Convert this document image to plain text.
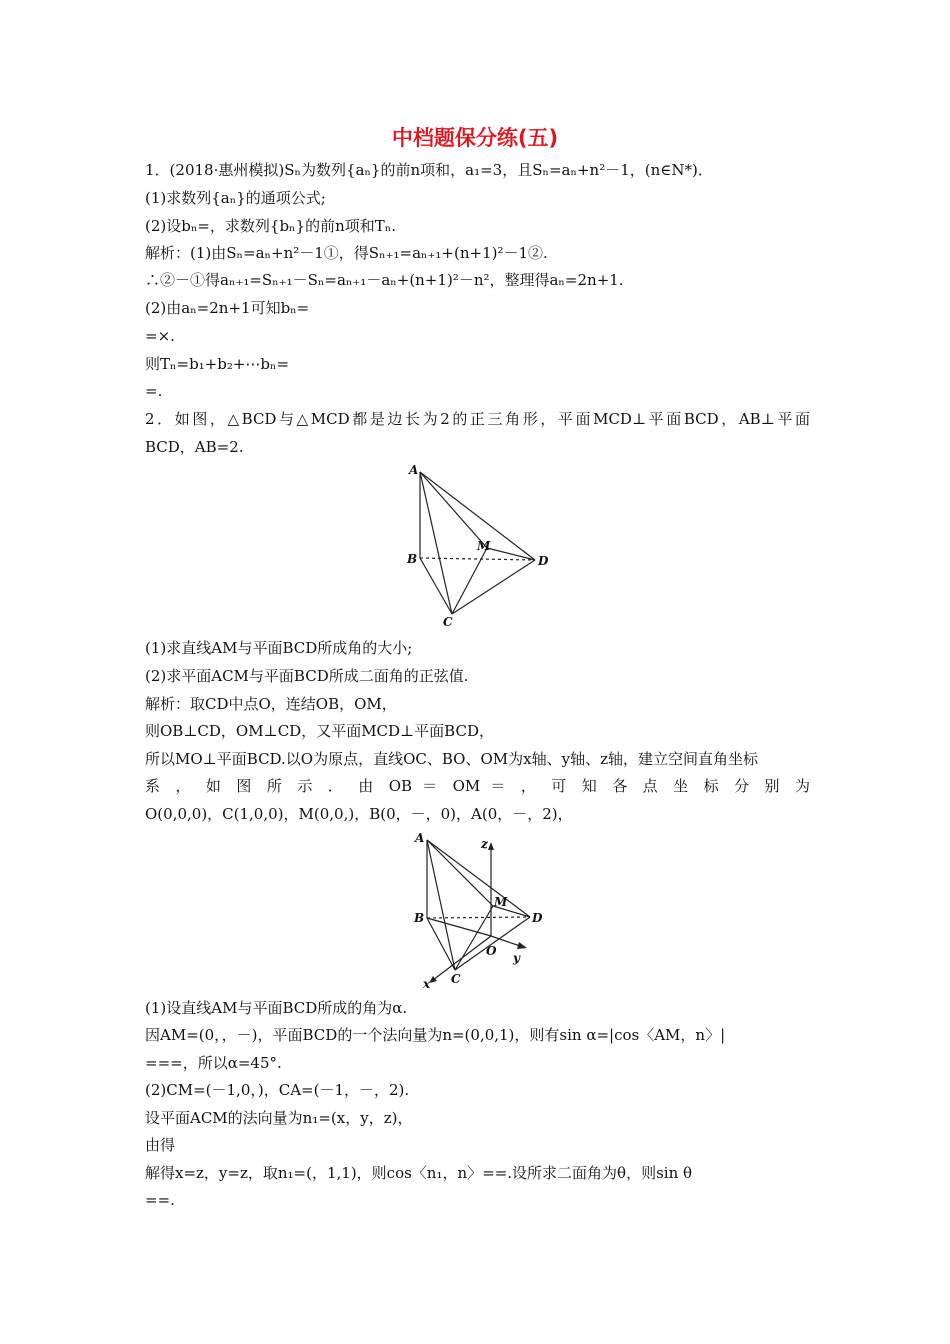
中档题保分练(五)
1．(2018·惠州模拟)Sₙ为数列{aₙ}的前n项和，a₁=3，且Sₙ=aₙ+n²－1，(n∈N*)．
(1)求数列{aₙ}的通项公式;
(2)设bₙ=，求数列{bₙ}的前n项和Tₙ.
解析：(1)由Sₙ=aₙ+n²－1①，得Sₙ₊₁=aₙ₊₁+(n+1)²－1②.
∴②－①得aₙ₊₁=Sₙ₊₁－Sₙ=aₙ₊₁－aₙ+(n+1)²－n²，整理得aₙ=2n+1.
(2)由aₙ=2n+1可知bₙ=
=×.
则Tₙ=b₁+b₂+⋯bₙ=
=.
2．如图，△BCD与△MCD都是边长为2的正三角形，平面MCD⊥平面BCD，AB⊥平面
BCD，AB=2.
A
B
M
D
C
(1)求直线AM与平面BCD所成角的大小;
(2)求平面ACM与平面BCD所成二面角的正弦值.
解析：取CD中点O，连结OB，OM，
则OB⊥CD，OM⊥CD，又平面MCD⊥平面BCD，
所以MO⊥平面BCD.以O为原点，直线OC、BO、OM为x轴、y轴、z轴，建立空间直角坐标
系 ， 如 图 所 示 ． 由 OB ＝ OM ＝ ， 可 知 各 点 坐 标 分 别 为
O(0,0,0)，C(1,0,0)，M(0,0,)，B(0，－，0)，A(0，－，2)，
A
B
M
D
C
O
x
y
z
(1)设直线AM与平面BCD所成的角为α.
因AM=(0，，－)，平面BCD的一个法向量为n=(0,0,1)，则有sin α=|cos〈AM，n〉|
===，所以α=45°.
(2)CM=(－1,0，)，CA=(－1，－，2).
设平面ACM的法向量为n₁=(x，y，z)，
由得
解得x=z，y=z，取n₁=(，1,1)，则cos〈n₁，n〉==.设所求二面角为θ，则sin θ
==.
